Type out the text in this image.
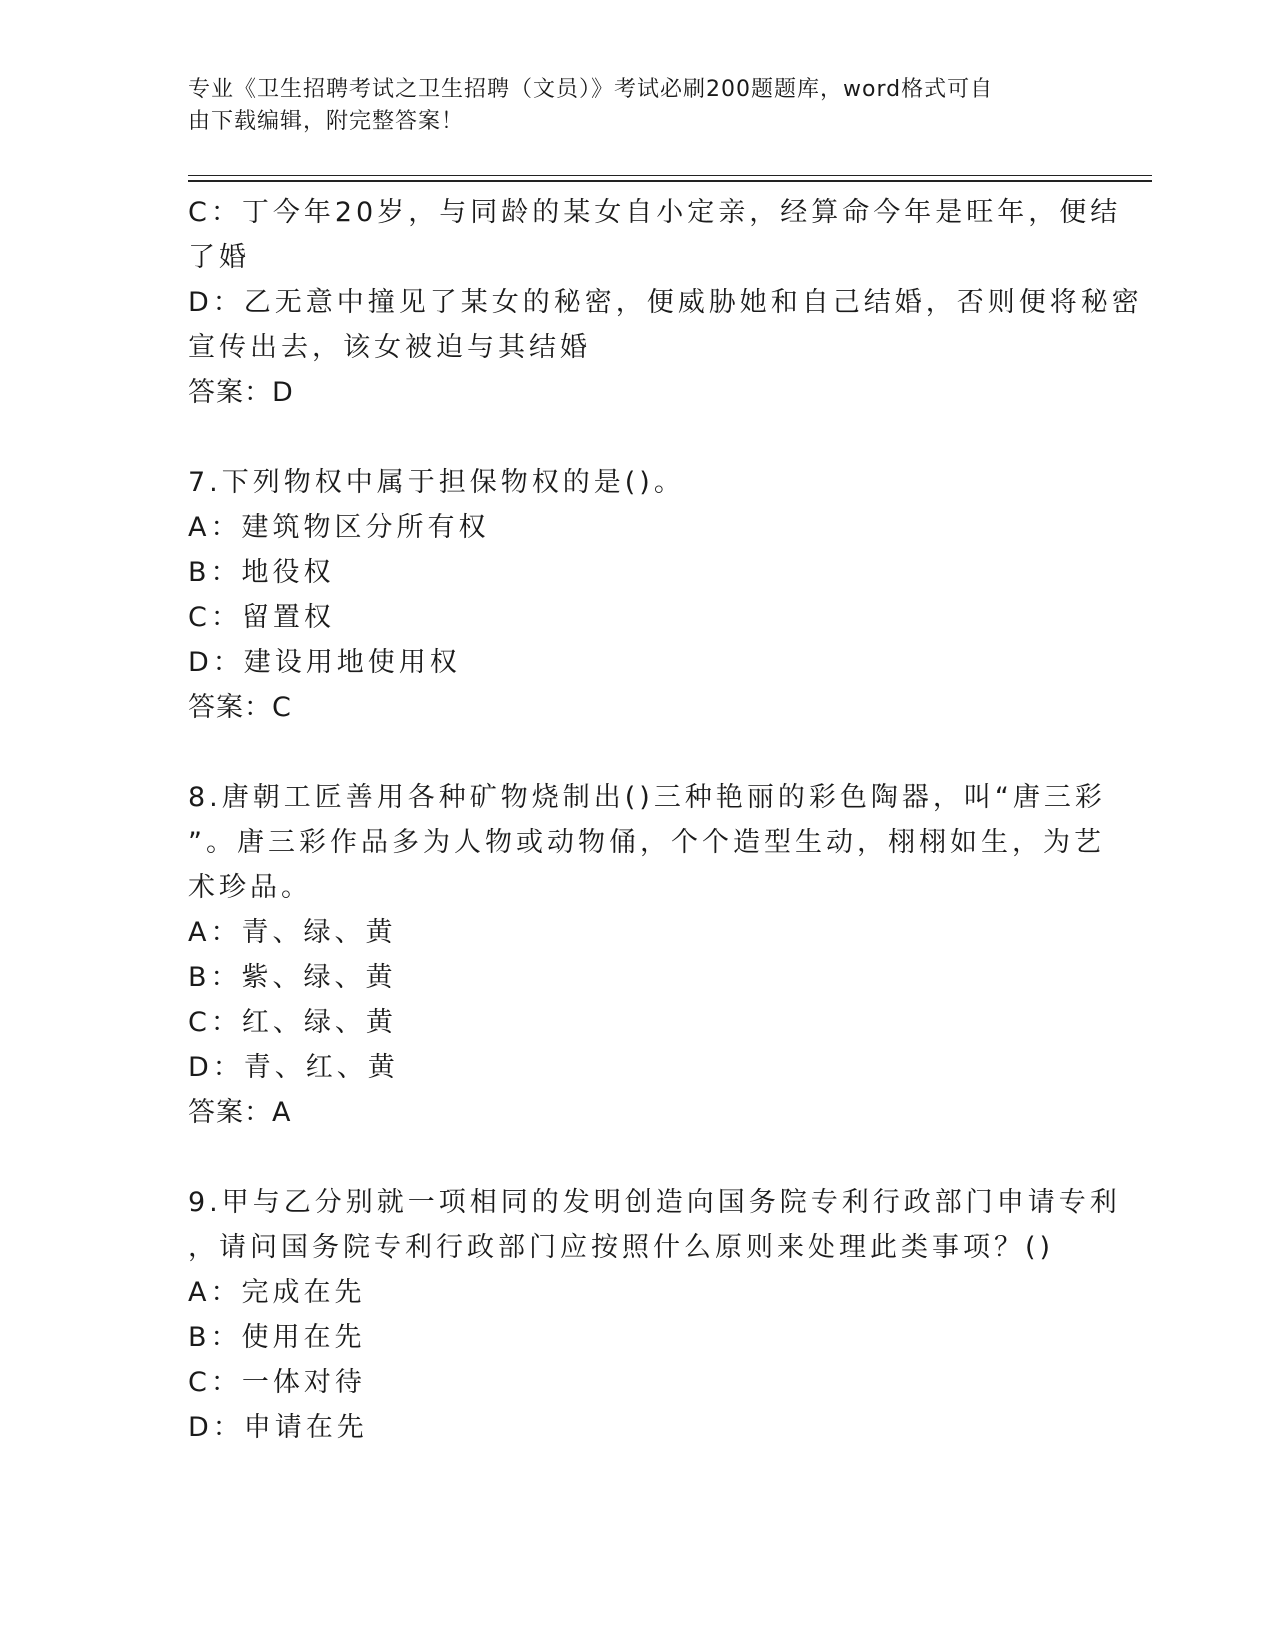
专业《卫生招聘考试之卫生招聘（文员）》考试必刷200题题库，word格式可自
由下载编辑，附完整答案！

C：丁今年20岁，与同龄的某女自小定亲，经算命今年是旺年，便结

了婚

D：乙无意中撞见了某女的秘密，便威胁她和自己结婚，否则便将秘密

宣传出去，该女被迫与其结婚

答案：D

7.下列物权中属于担保物权的是()。

A：建筑物区分所有权

B：地役权

C：留置权

D：建设用地使用权

答案：C

8.唐朝工匠善用各种矿物烧制出()三种艳丽的彩色陶器，叫“唐三彩

”。唐三彩作品多为人物或动物俑，个个造型生动，栩栩如生，为艺

术珍品。

A：青、绿、黄

B：紫、绿、黄

C：红、绿、黄

D：青、红、黄

答案：A

9.甲与乙分别就一项相同的发明创造向国务院专利行政部门申请专利

，请问国务院专利行政部门应按照什么原则来处理此类事项？()

A：完成在先

B：使用在先

C：一体对待

D：申请在先
